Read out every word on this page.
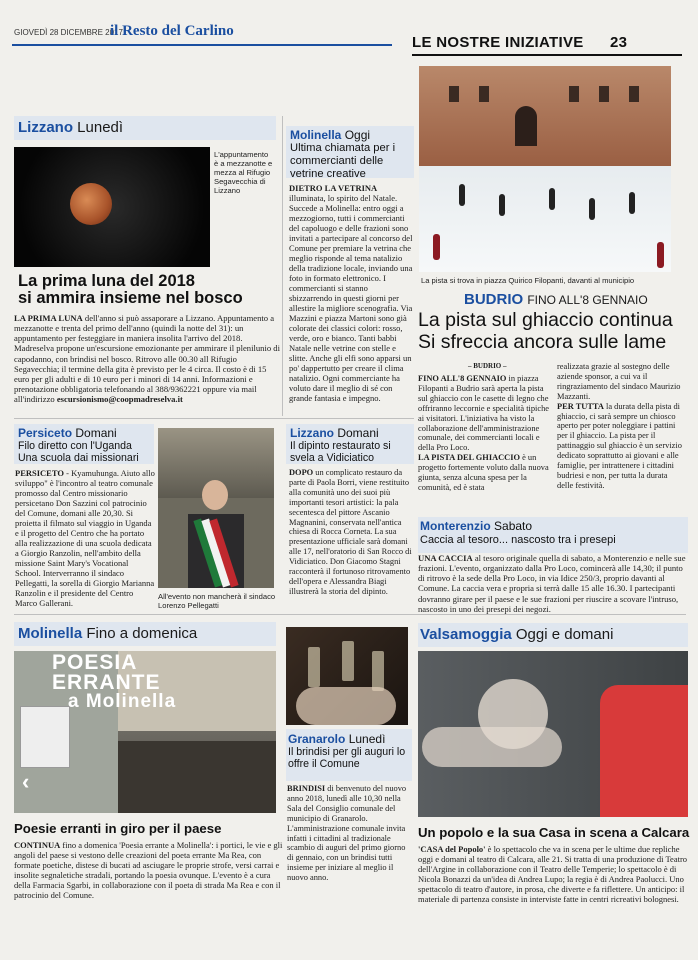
GIOVEDÌ 28 DICEMBRE 2017
il Resto del Carlino
LE NOSTRE INIZIATIVE 23
Lizzano Lunedì
L'appuntamento è a mezzanotte e mezza al Rifugio Segavecchia di Lizzano
La prima luna del 2018
si ammira insieme nel bosco
LA PRIMA LUNA dell'anno si può assaporare a Lizzano. Appuntamento a mezzanotte e trenta del primo dell'anno (quindi la notte del 31): un appuntamento per festeggiare in maniera insolita l'arrivo del 2018. Madreselva propone un'escursione emozionante per ammirare il plenilunio di capodanno, con brindisi nel bosco. Ritrovo alle 00.30 all Rifugio Segavecchia; il termine della gita è previsto per le 4 circa. Il costo è di 15 euro per gli adulti e di 10 euro per i minori di 14 anni. Informazioni e prenotazione obbligatoria telefonando al 388/9362221 oppure via mail all'indirizzo escursionismo@coopmadreselva.it
Molinella Oggi
Ultima chiamata per i commercianti delle vetrine creative
DIETRO LA VETRINA illuminata, lo spirito del Natale. Succede a Molinella: entro oggi a mezzogiorno, tutti i commercianti del capoluogo e delle frazioni sono invitati a partecipare al concorso del Comune per premiare la vetrina che meglio risponde al tema natalizio della tradizione locale, inviando una foto in formato elettronico. I commercianti si stanno sbizzarrendo in questi giorni per allestire la migliore scenografia. Via Mazzini e piazza Martoni sono già colorate dei classici colori: rosso, verde, oro e bianco. Tanti babbi Natale nelle vetrine con stelle e slitte. Anche gli elfi sono apparsi un po' dappertutto per creare il clima natalizio. Ogni commerciante ha voluto dare il meglio di sé con grande fantasia e impegno.
La pista si trova in piazza Quirico Filopanti, davanti al municipio
BUDRIO FINO ALL'8 GENNAIO
La pista sul ghiaccio continua
Si sfreccia ancora sulle lame
– BUDRIO –
FINO ALL'8 GENNAIO in piazza Filopanti a Budrio sarà aperta la pista sul ghiaccio con le casette di legno che offriranno leccornie e specialità tipiche ai visitatori. L'iniziativa ha visto la collaborazione dell'amministrazione comunale, dei commercianti locali e della Pro Loco.
LA PISTA DEL GHIACCIO è un progetto fortemente voluto dalla nuova giunta, senza alcuna spesa per la comunità, ed è stata
realizzata grazie al sostegno delle aziende sponsor, a cui va il ringraziamento del sindaco Maurizio Mazzanti.
PER TUTTA la durata della pista di ghiaccio, ci sarà sempre un chiosco aperto per poter noleggiare i pattini per il ghiaccio. La pista per il pattinaggio sul ghiaccio è un servizio dedicato soprattutto ai giovani e alle famiglie, per intrattenere i cittadini budriesi e non, per tutta la durata delle festività.
Persiceto Domani
Filo diretto con l'Uganda Una scuola dai missionari
PERSICETO - Kyamuhunga. Aiuto allo sviluppo" è l'incontro al teatro comunale promosso dal Centro missionario persicetano Don Sazzini col patrocinio del Comune, domani alle 20,30. Si proietta il filmato sul viaggio in Uganda e il progetto del Centro che ha portato alla realizzazione di una scuola dedicata a Giorgio Ranzolin, nell'ambito della missione Saint Mary's Vocational School. Interverranno il sindaco Pellegatti, la sorella di Giorgio Marianna Ranzolin e il presidente del Centro Marco Gallerani.
All'evento non mancherà il sindaco Lorenzo Pellegatti
Lizzano Domani
Il dipinto restaurato si svela a Vidiciatico
DOPO un complicato restauro da parte di Paola Borri, viene restituito alla comunità uno dei suoi più importanti tesori artistici: la pala secentesca del pittore Ascanio Magnanini, conservata nell'antica chiesa di Rocca Corneta. La sua presentazione ufficiale sarà domani alle 17, nell'oratorio di San Rocco di Vidiciatico. Don Giacomo Stagni racconterà il fortunoso ritrovamento dell'opera e Alessandra Biagi illustrerà la storia del dipinto.
Monterenzio Sabato
Caccia al tesoro... nascosto tra i presepi
UNA CACCIA al tesoro originale quella di sabato, a Monterenzio e nelle sue frazioni. L'evento, organizzato dalla Pro Loco, comincerà alle 14,30; il punto di ritrovo è la sede della Pro Loco, in via Idice 250/3, proprio davanti al Comune. La caccia vera e propria si terrà dalle 15 alle 16.30. I partecipanti dovranno girare per il paese e le sue frazioni per riuscire a scovare l'intruso, nascosto in uno dei presepi dei negozi.
Molinella Fino a domenica
POESIA
ERRANTE
a Molinella
‹
Poesie erranti in giro per il paese
CONTINUA fino a domenica 'Poesia errante a Molinella': i portici, le vie e gli angoli del paese si vestono delle creazioni del poeta errante Ma Rea, con formate poetiche, distese di bucati ad asciugare le proprie strofe, versi carrai e insolite segnaletiche stradali, portando la poesia ovunque. L'evento è a cura della Farmacia Sgarbi, in collaborazione con il poeta di strada Ma Rea e con il patrocinio del Comune.
Granarolo Lunedì
Il brindisi per gli auguri lo offre il Comune
BRINDISI di benvenuto del nuovo anno 2018, lunedì alle 10,30 nella Sala del Consiglio comunale del municipio di Granarolo. L'amministrazione comunale invita infatti i cittadini al tradizionale scambio di auguri del primo giorno di gennaio, con un brindisi tutti insieme per iniziare al meglio il nuovo anno.
Valsamoggia Oggi e domani
Un popolo e la sua Casa in scena a Calcara
'CASA del Popolo' è lo spettacolo che va in scena per le ultime due repliche oggi e domani al teatro di Calcara, alle 21. Si tratta di una produzione di Teatro dell'Argine in collaborazione con il Teatro delle Temperie; lo spettacolo è di Nicola Bonazzi da un'idea di Andrea Lupo; la regia è di Andrea Paolucci. Uno spettacolo di teatro d'autore, in prosa, che diverte e fa riflettere. Un anticipo: il materiale di partenza consiste in interviste fatte in centri ricreativi bolognesi.
